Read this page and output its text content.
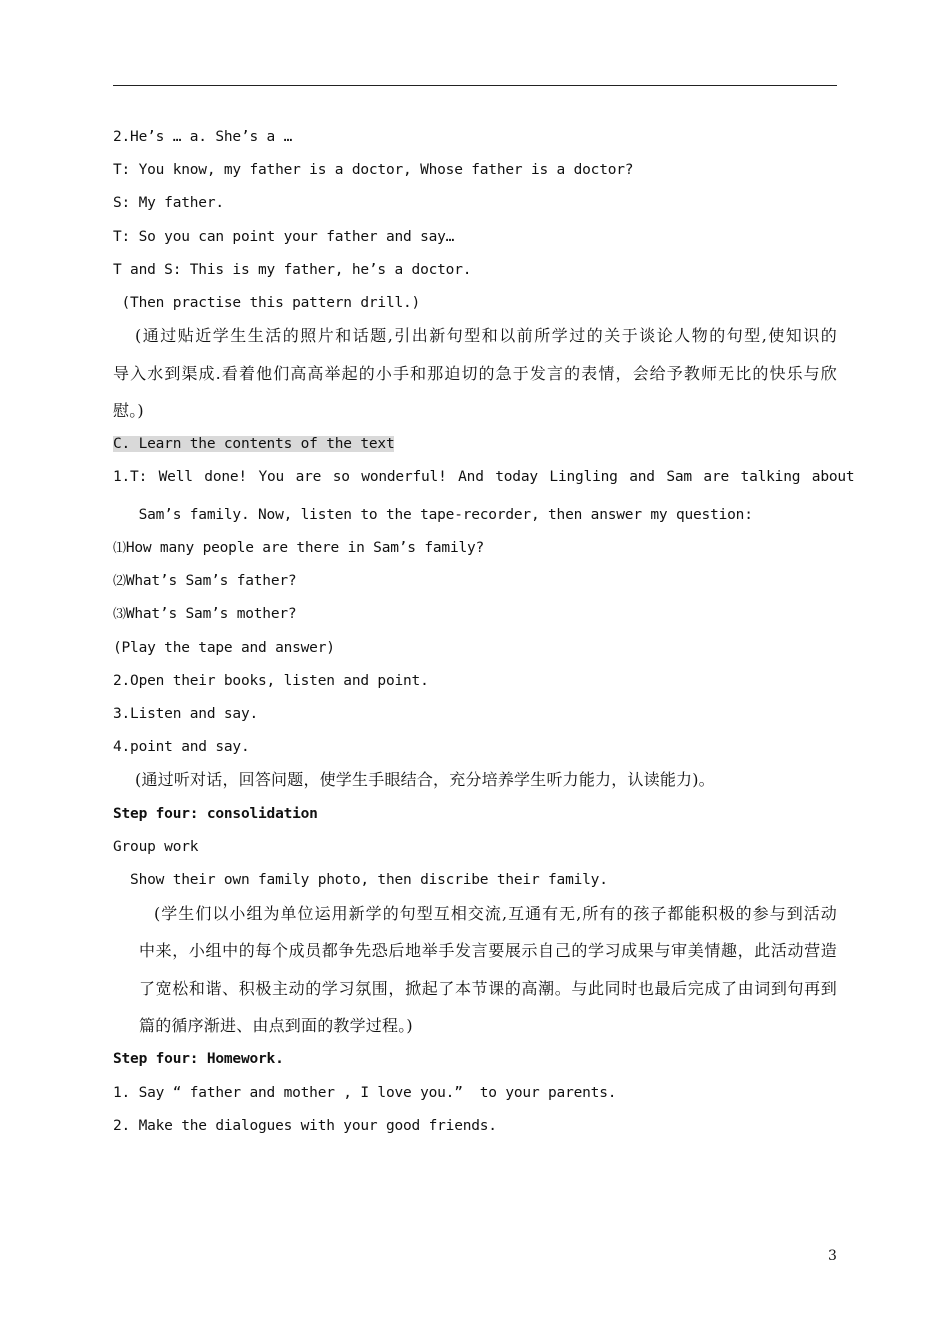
2.He’s … a. She’s a …
T: You know, my father is a doctor, Whose father is a doctor?
S: My father.
T: So you can point your father and say…
T and S: This is my father, he’s a doctor.
(Then practise this pattern drill.)
(通过贴近学生生活的照片和话题,引出新句型和以前所学过的关于谈论人物的句型,使知识的
导入水到渠成.看着他们高高举起的小手和那迫切的急于发言的表情，会给予教师无比的快乐与欣
慰。)
C. Learn the contents of the text
1.T: Well done! You are so wonderful! And today Lingling and Sam are talking about
Sam’s family. Now, listen to the tape-recorder, then answer my question:
⑴How many people are there in Sam’s family?
⑵What’s Sam’s father?
⑶What’s Sam’s mother?
(Play the tape and answer)
2.Open their books, listen and point.
3.Listen and say.
4.point and say.
(通过听对话，回答问题，使学生手眼结合，充分培养学生听力能力，认读能力)。
Step four: consolidation
Group work
Show their own family photo, then discribe their family.
(学生们以小组为单位运用新学的句型互相交流,互通有无,所有的孩子都能积极的参与到活动
中来，小组中的每个成员都争先恐后地举手发言要展示自己的学习成果与审美情趣，此活动营造
了宽松和谐、积极主动的学习氛围，掀起了本节课的高潮。与此同时也最后完成了由词到句再到
篇的循序渐进、由点到面的教学过程。)
Step four: Homework.
1. Say “ father and mother , I love you.”  to your parents.
2. Make the dialogues with your good friends.
3
